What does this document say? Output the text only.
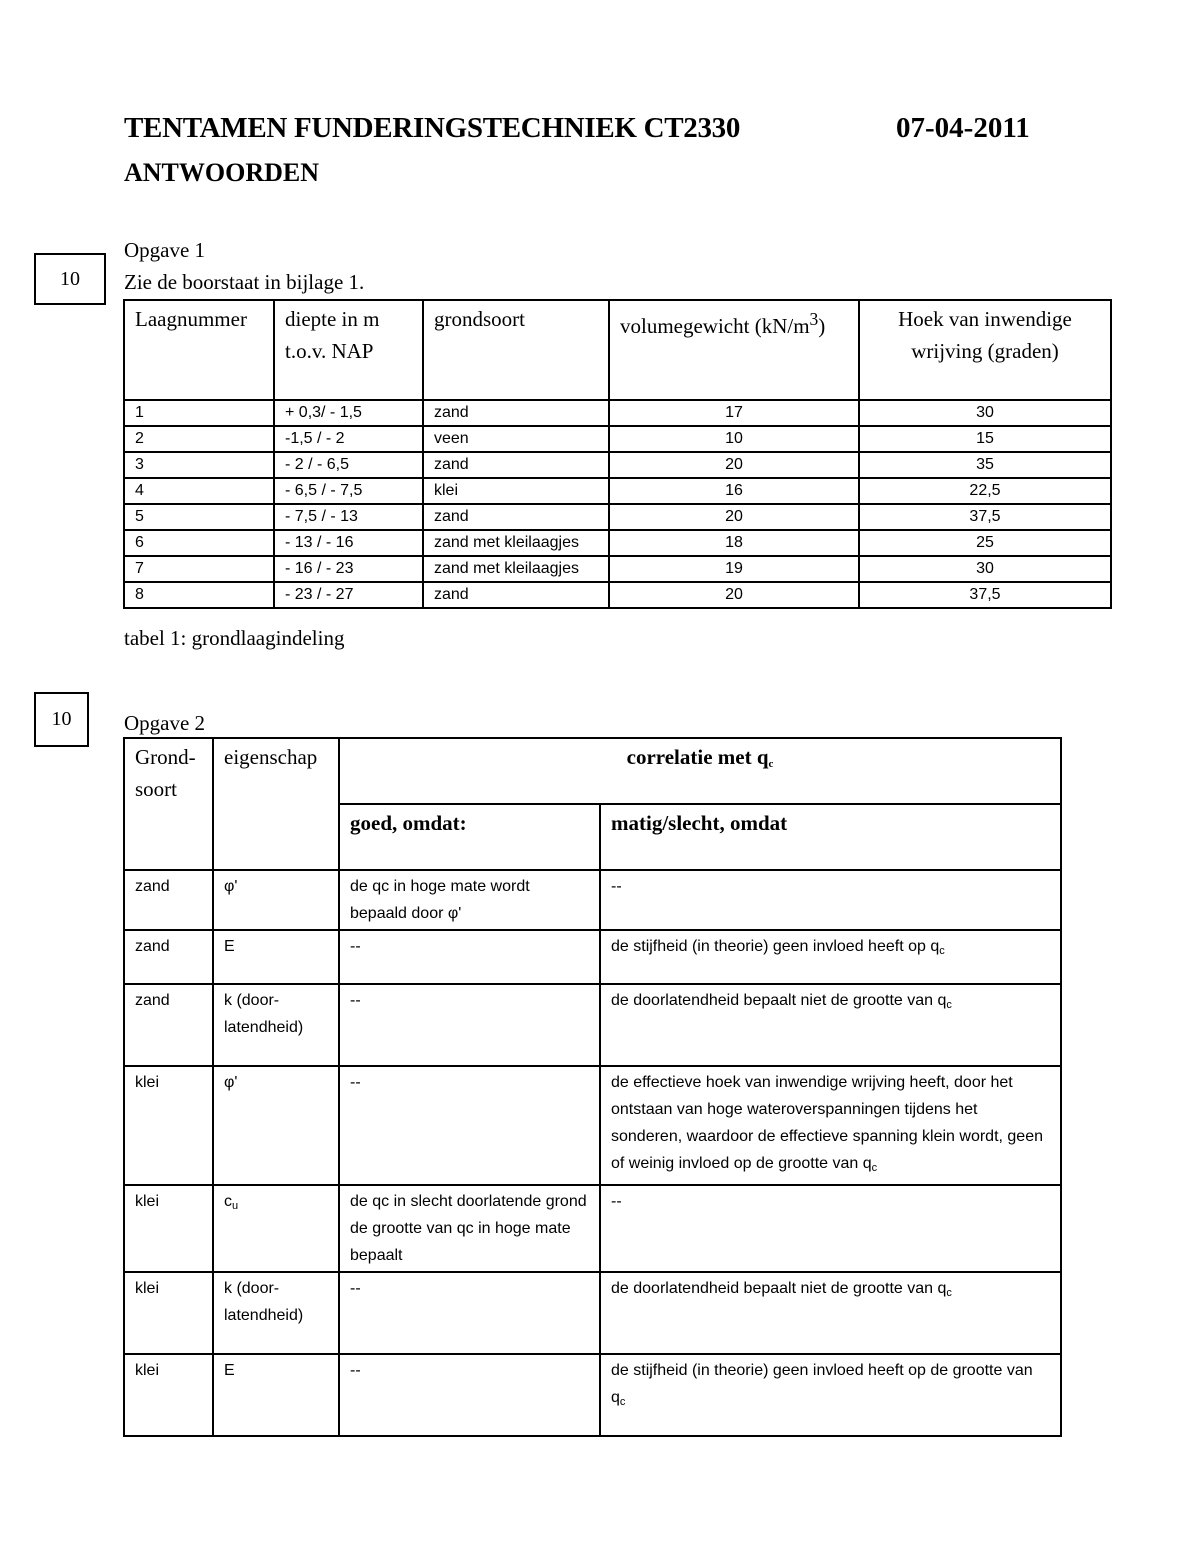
TENTAMEN FUNDERINGSTECHNIEK CT2330	07-04-2011
ANTWOORDEN
10
Opgave 1
Zie de boorstaat in bijlage 1.
Laagnummer	diepte in m t.o.v. NAP	grondsoort	volumegewicht $(kN/m^3)$	Hoek van inwendige wrijving (graden)
1	+ 0,3/ - 1,5	zand	17	30
2	-1,5 / - 2	veen	10	15
3	- 2 / - 6,5	zand	20	35
4	- 6,5 / - 7,5	klei	16	22,5
5	- 7,5 / - 13	zand	20	37,5
6	- 13 / - 16	zand met kleilaagjes	18	25
7	- 16 / - 23	zand met kleilaagjes	19	30
8	- 23 / - 27	zand	20	37,5
tabel 1: grondlaagindeling
10	Opgave 2
Grond-soort	eigenschap	correlatie met $q_c$
		goed, omdat:	matig/slecht, omdat
zand	φ'	de qc in hoge mate wordt bepaald door φ'	--
zand	E	--	de stijfheid (in theorie) geen invloed heeft op $q_c$
zand	k (door-latendheid)	--	de doorlatendheid bepaalt niet de grootte van $q_c$
klei	φ'	--	de effectieve hoek van inwendige wrijving heeft, door het ontstaan van hoge wateroverspanningen tijdens het sonderen, waardoor de effectieve spanning klein wordt, geen of weinig invloed op de grootte van $q_c$
klei	$c_u$	de qc in slecht doorlatende grond de grootte van qc in hoge mate bepaalt	--
klei	k (door-latendheid)	--	de doorlatendheid bepaalt niet de grootte van $q_c$
klei	E	--	de stijfheid (in theorie) geen invloed heeft op de grootte van $q_c$
